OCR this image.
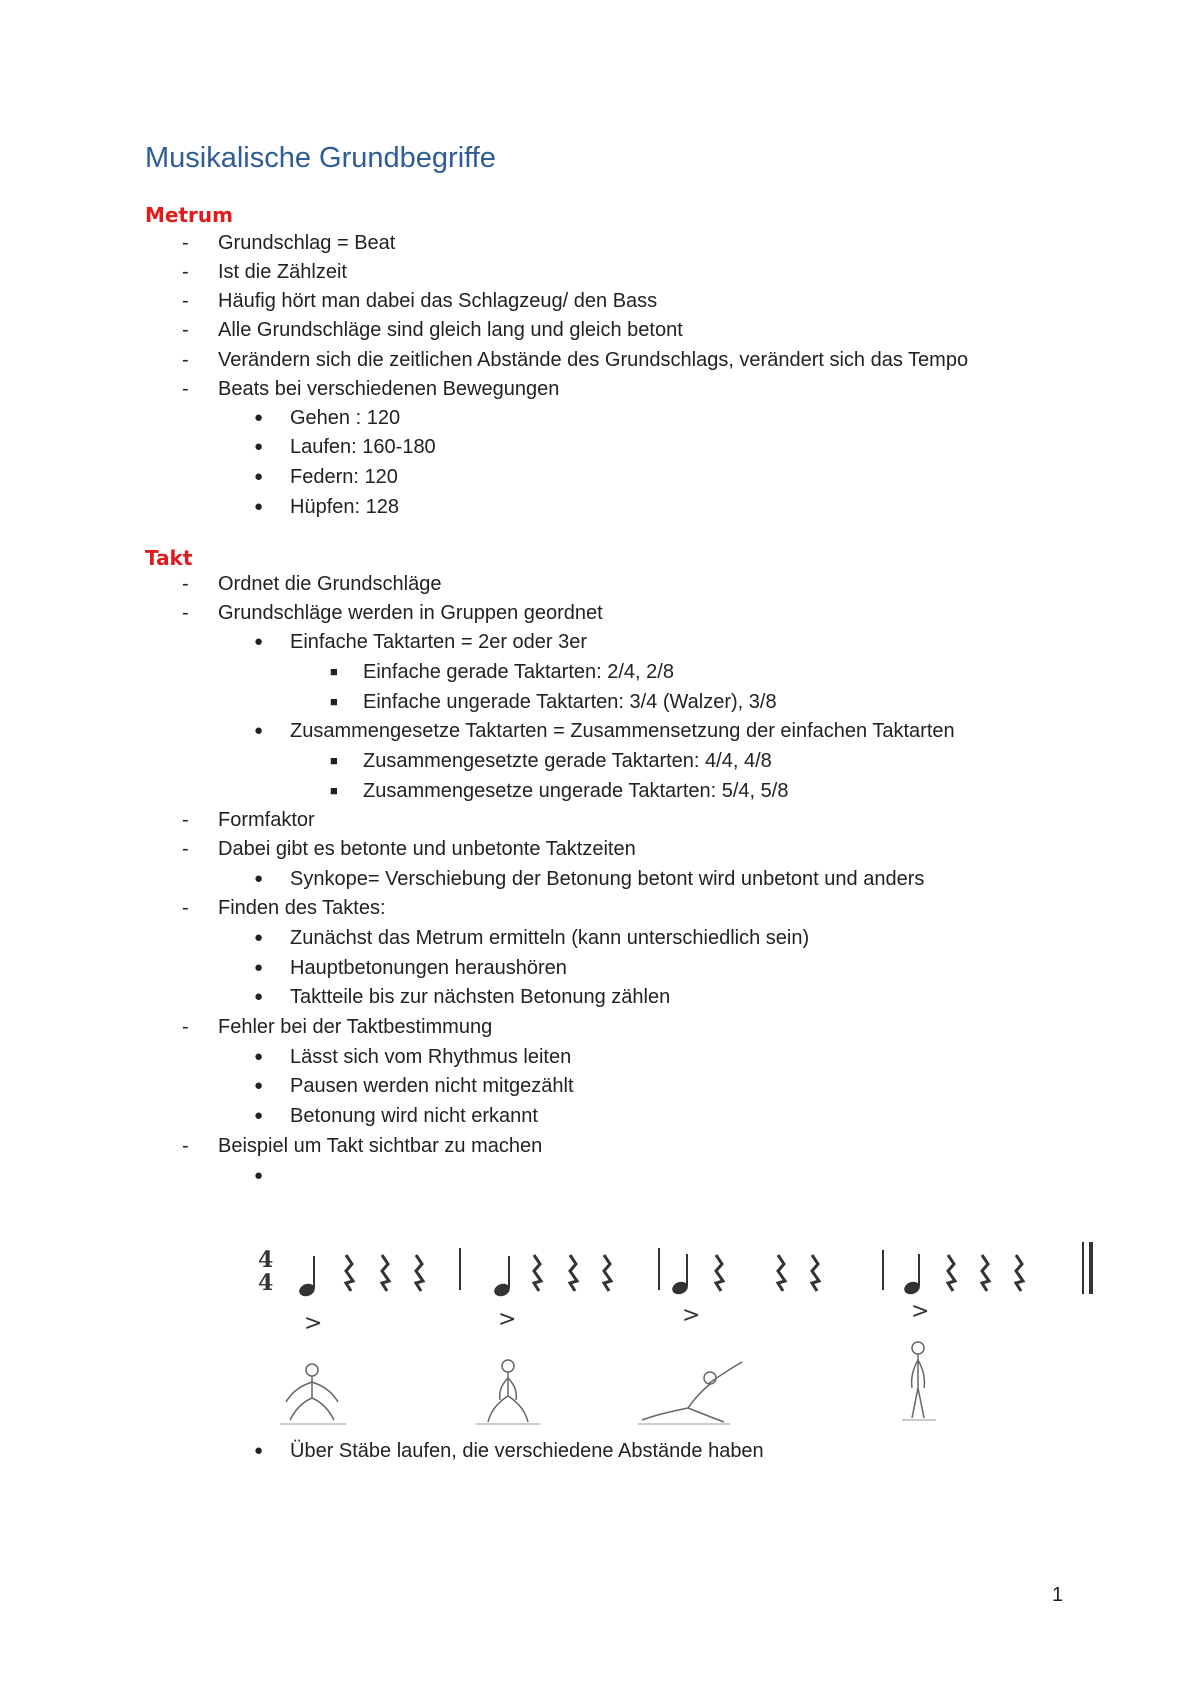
Musikalische Grundbegriffe
Metrum
- Grundschlag = Beat
- Ist die Zählzeit
- Häufig hört man dabei das Schlagzeug/ den Bass
- Alle Grundschläge sind gleich lang und gleich betont
- Verändern sich die zeitlichen Abstände des Grundschlags, verändert sich das Tempo
- Beats bei verschiedenen Bewegungen
● Gehen : 120
● Laufen: 160-180
● Federn: 120
● Hüpfen: 128
Takt
- Ordnet die Grundschläge
- Grundschläge werden in Gruppen geordnet
● Einfache Taktarten = 2er oder 3er
■ Einfache gerade Taktarten: 2/4, 2/8
■ Einfache ungerade Taktarten: 3/4 (Walzer), 3/8
● Zusammengesetze Taktarten = Zusammensetzung der einfachen Taktarten
■ Zusammengesetzte gerade Taktarten: 4/4, 4/8
■ Zusammengesetze ungerade Taktarten: 5/4, 5/8
- Formfaktor
- Dabei gibt es betonte und unbetonte Taktzeiten
● Synkope= Verschiebung der Betonung betont wird unbetont und anders
- Finden des Taktes:
● Zunächst das Metrum ermitteln (kann unterschiedlich sein)
● Hauptbetonungen heraushören
● Taktteile bis zur nächsten Betonung zählen
- Fehler bei der Taktbestimmung
● Lässt sich vom Rhythmus leiten
● Pausen werden nicht mitgezählt
● Betonung wird nicht erkannt
- Beispiel um Takt sichtbar zu machen
●
4
4
>	>	>	>
● Über Stäbe laufen, die verschiedene Abstände haben
1
